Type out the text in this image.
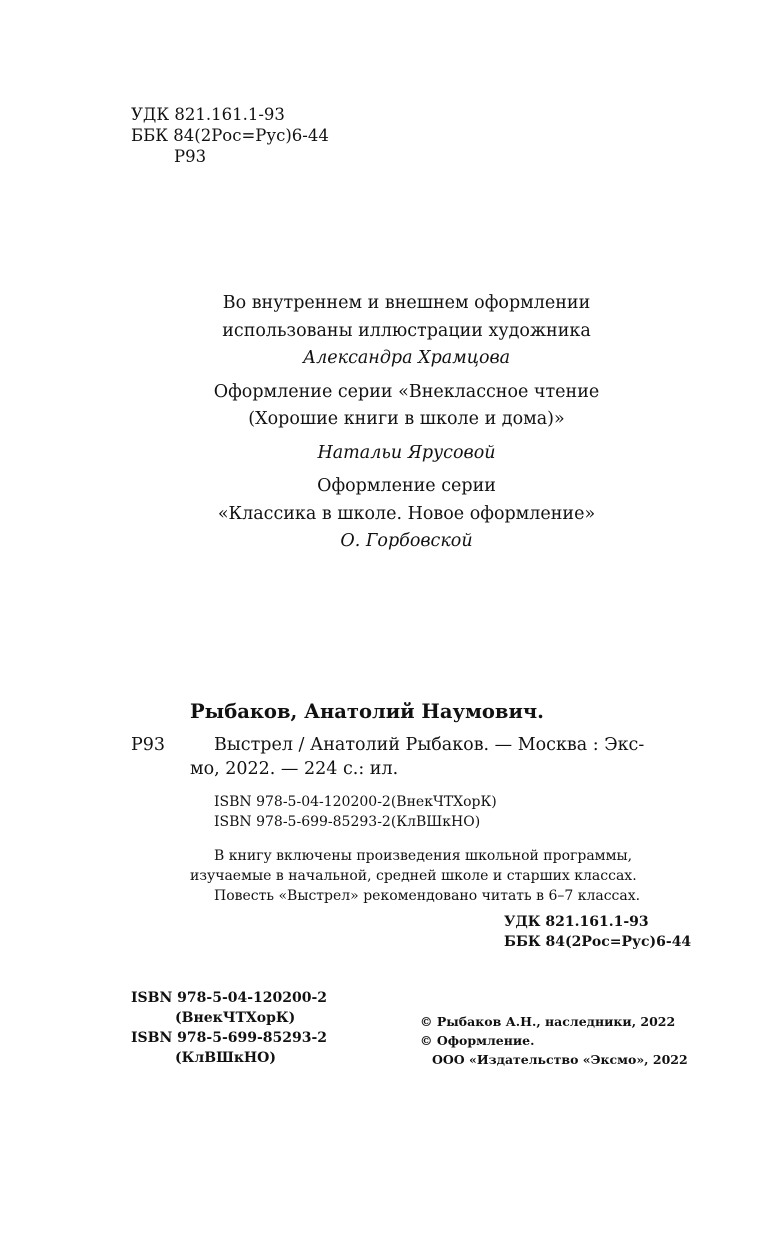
УДК 821.161.1-93
ББК 84(2Рос=Рус)6-44
Р93
Во внутреннем и внешнем оформлении
использованы иллюстрации художника
Александра Храмцова
Оформление серии «Внеклассное чтение
(Хорошие книги в школе и дома)»
Натальи Ярусовой
Оформление серии
«Классика в школе. Новое оформление»
О. Горбовской
Рыбаков, Анатолий Наумович.
Р93	Выстрел / Анатолий Рыбаков. — Москва : Экс-
мо, 2022. — 224 с.: ил.
ISBN 978-5-04-120200-2(ВнекЧТХорК)
ISBN 978-5-699-85293-2(КлВШкНО)
В книгу включены произведения школьной программы,
изучаемые в начальной, средней школе и старших классах.
Повесть «Выстрел» рекомендовано читать в 6–7 классах.
УДК 821.161.1-93
ББК 84(2Рос=Рус)6-44
ISBN 978-5-04-120200-2
(ВнекЧТХорК)
ISBN 978-5-699-85293-2
(КлВШкНО)
© Рыбаков А.Н., наследники, 2022
© Оформление.
ООО «Издательство «Эксмо», 2022
